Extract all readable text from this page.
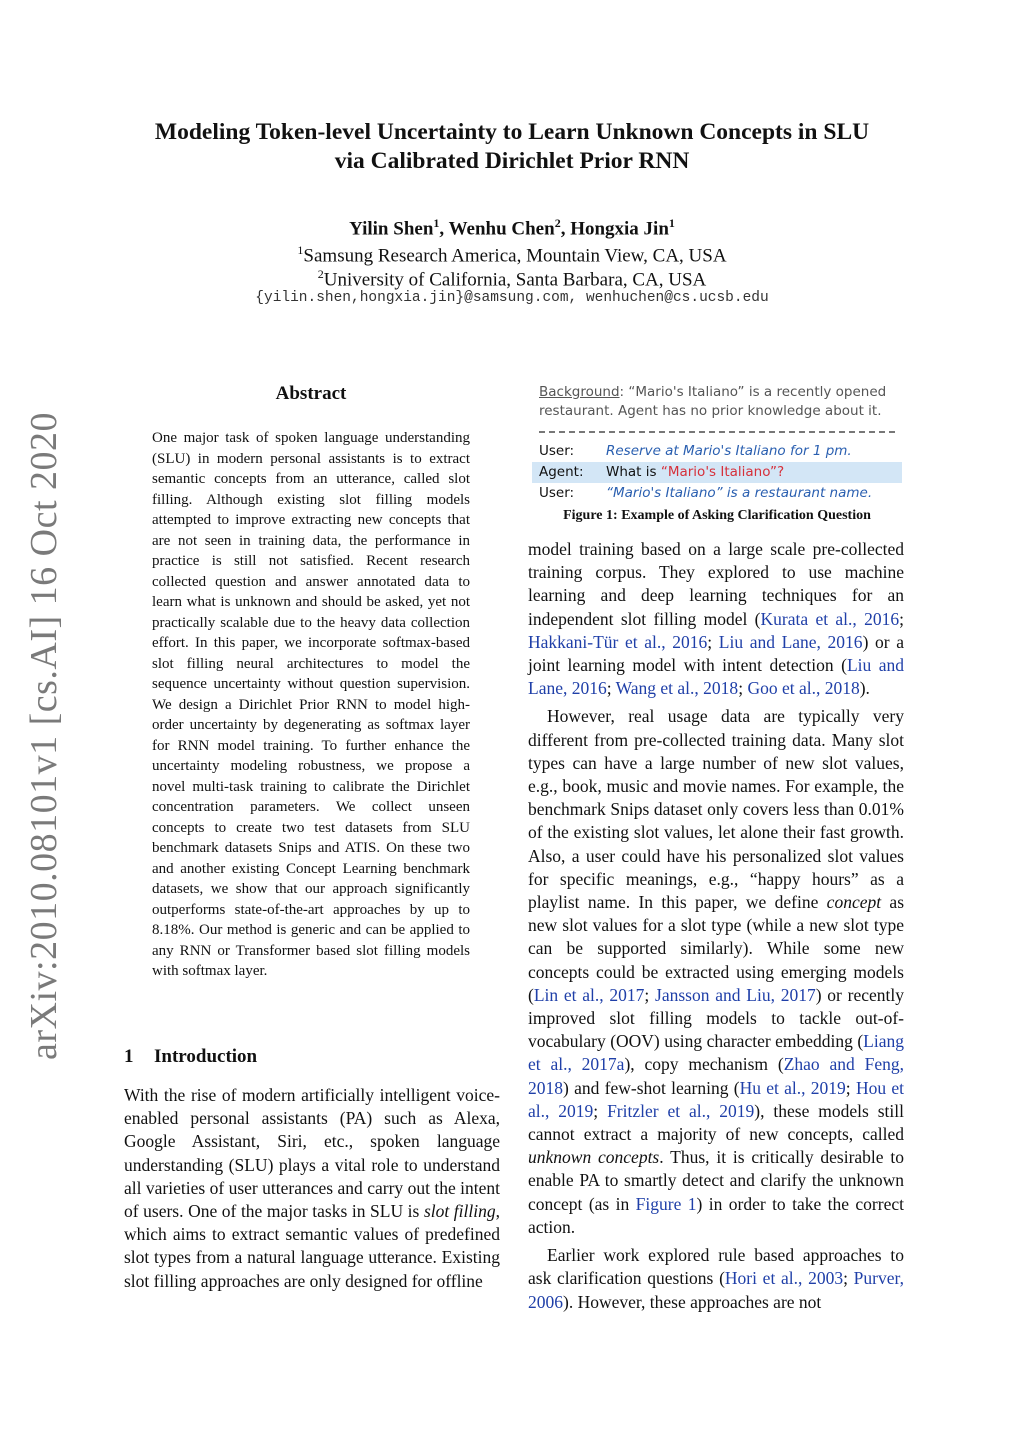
arXiv:2010.08101v1 [cs.AI] 16 Oct 2020
Modeling Token-level Uncertainty to Learn Unknown Concepts in SLU
via Calibrated Dirichlet Prior RNN
Yilin Shen$^1$, Wenhu Chen$^2$, Hongxia Jin$^1$
$^1$Samsung Research America, Mountain View, CA, USA
$^2$University of California, Santa Barbara, CA, USA
{yilin.shen,hongxia.jin}@samsung.com, wenhuchen@cs.ucsb.edu
Abstract
One major task of spoken language understanding (SLU) in modern personal assistants is to extract semantic concepts from an utterance, called slot filling. Although existing slot filling models attempted to improve extracting new concepts that are not seen in training data, the performance in practice is still not satisfied. Recent research collected question and answer annotated data to learn what is unknown and should be asked, yet not practically scalable due to the heavy data collection effort. In this paper, we incorporate softmax-based slot filling neural architectures to model the sequence uncertainty without question supervision. We design a Dirichlet Prior RNN to model high-order uncertainty by degenerating as softmax layer for RNN model training. To further enhance the uncertainty modeling robustness, we propose a novel multi-task training to calibrate the Dirichlet concentration parameters. We collect unseen concepts to create two test datasets from SLU benchmark datasets Snips and ATIS. On these two and another existing Concept Learning benchmark datasets, we show that our approach significantly outperforms state-of-the-art approaches by up to 8.18%. Our method is generic and can be applied to any RNN or Transformer based slot filling models with softmax layer.
1 Introduction
With the rise of modern artificially intelligent voice-enabled personal assistants (PA) such as Alexa, Google Assistant, Siri, etc., spoken language understanding (SLU) plays a vital role to understand all varieties of user utterances and carry out the intent of users. One of the major tasks in SLU is slot filling, which aims to extract semantic values of predefined slot types from a natural language utterance. Existing slot filling approaches are only designed for offline
Background: “Mario's Italiano” is a recently opened restaurant. Agent has no prior knowledge about it.
User:	Reserve at Mario's Italiano for 1 pm.
Agent:	What is “Mario's Italiano”?
User:	“Mario's Italiano” is a restaurant name.
Figure 1: Example of Asking Clarification Question

model training based on a large scale pre-collected training corpus. They explored to use machine learning and deep learning techniques for an independent slot filling model (Kurata et al., 2016; Hakkani-Tür et al., 2016; Liu and Lane, 2016) or a joint learning model with intent detection (Liu and Lane, 2016; Wang et al., 2018; Goo et al., 2018).

However, real usage data are typically very different from pre-collected training data. Many slot types can have a large number of new slot values, e.g., book, music and movie names. For example, the benchmark Snips dataset only covers less than 0.01% of the existing slot values, let alone their fast growth. Also, a user could have his personalized slot values for specific meanings, e.g., “happy hours” as a playlist name. In this paper, we define concept as new slot values for a slot type (while a new slot type can be supported similarly). While some new concepts could be extracted using emerging models (Lin et al., 2017; Jansson and Liu, 2017) or recently improved slot filling models to tackle out-of-vocabulary (OOV) using character embedding (Liang et al., 2017a), copy mechanism (Zhao and Feng, 2018) and few-shot learning (Hu et al., 2019; Hou et al., 2019; Fritzler et al., 2019), these models still cannot extract a majority of new concepts, called unknown concepts. Thus, it is critically desirable to enable PA to smartly detect and clarify the unknown concept (as in Figure 1) in order to take the correct action.

Earlier work explored rule based approaches to ask clarification questions (Hori et al., 2003; Purver, 2006). However, these approaches are not
